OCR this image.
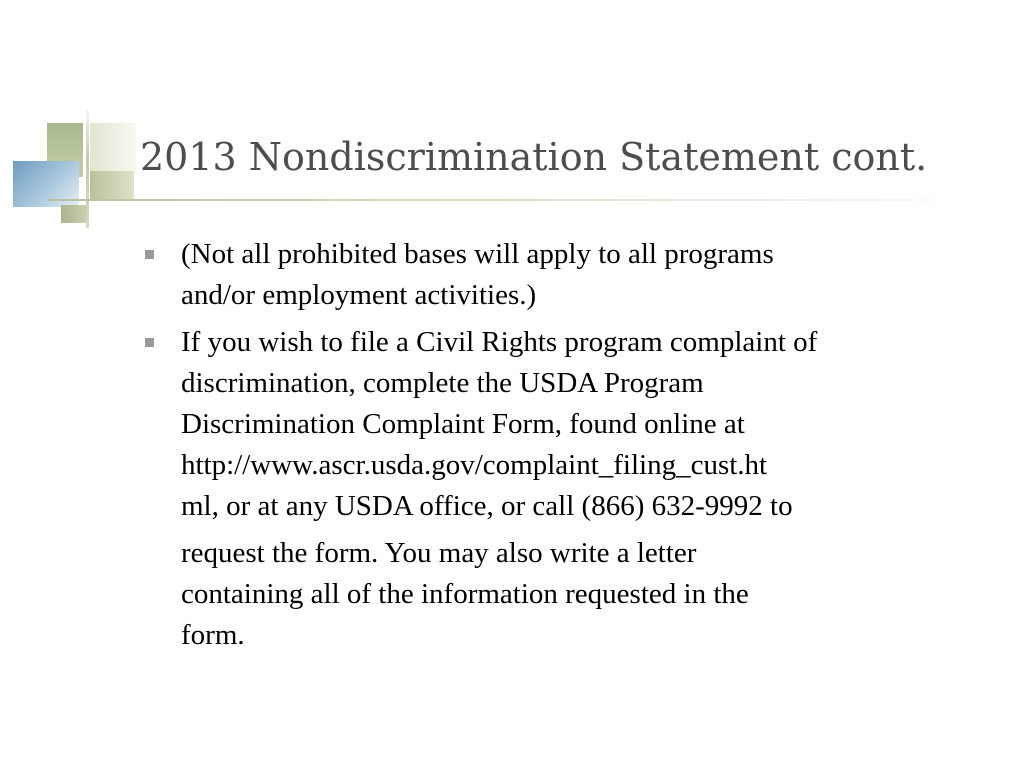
2013 Nondiscrimination Statement cont.
(Not all prohibited bases will apply to all programs
and/or employment activities.)
If you wish to file a Civil Rights program complaint of
discrimination, complete the USDA Program
Discrimination Complaint Form, found online at
http://www.ascr.usda.gov/complaint_filing_cust.ht
ml, or at any USDA office, or call (866) 632-9992 to
request the form. You may also write a letter
containing all of the information requested in the
form.
